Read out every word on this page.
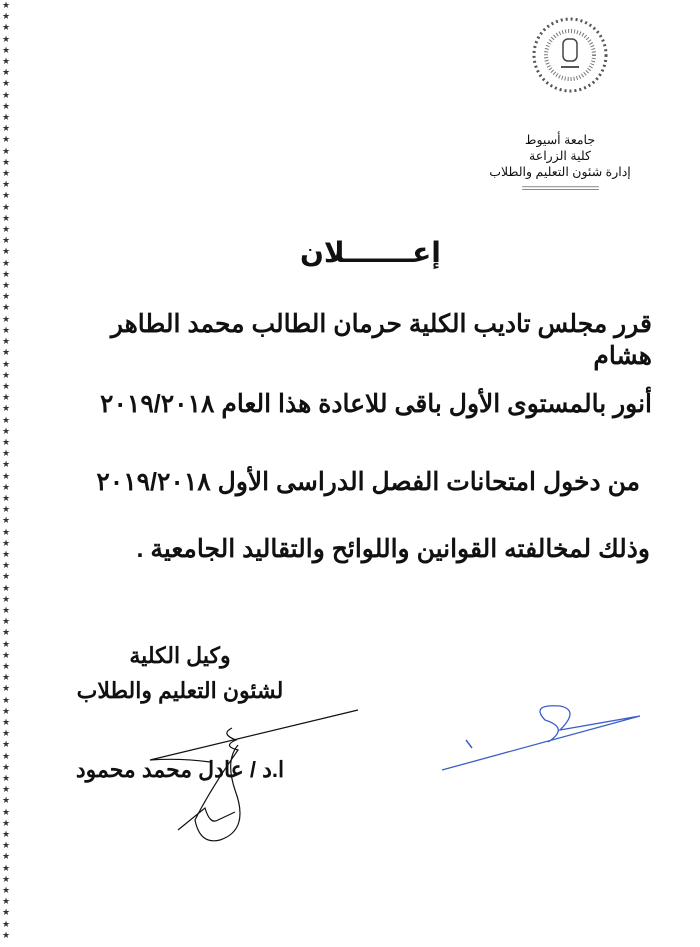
★★★★★★★★★★★★★★★★★★★★★★★★★★★★★★★★★★★★★★★★★★★★★★★★★★★★★★★★★★★★★★★★★★★★★★★★★★★★★★★★★★★★
جامعة أسيوط
كلية الزراعة
إدارة شئون التعليم والطلاب
==================
إعـــــــلان
قرر مجلس تاديب الكلية حرمان الطالب محمد الطاهر هشام
أنور بالمستوى الأول باقى للاعادة هذا العام ٢٠١٩/٢٠١٨
من دخول امتحانات الفصل الدراسى الأول ٢٠١٩/٢٠١٨
وذلك لمخالفته القوانين واللوائح والتقاليد الجامعية .
وكيل الكلية
لشئون التعليم والطلاب
ا.د / عادل محمد محمود
